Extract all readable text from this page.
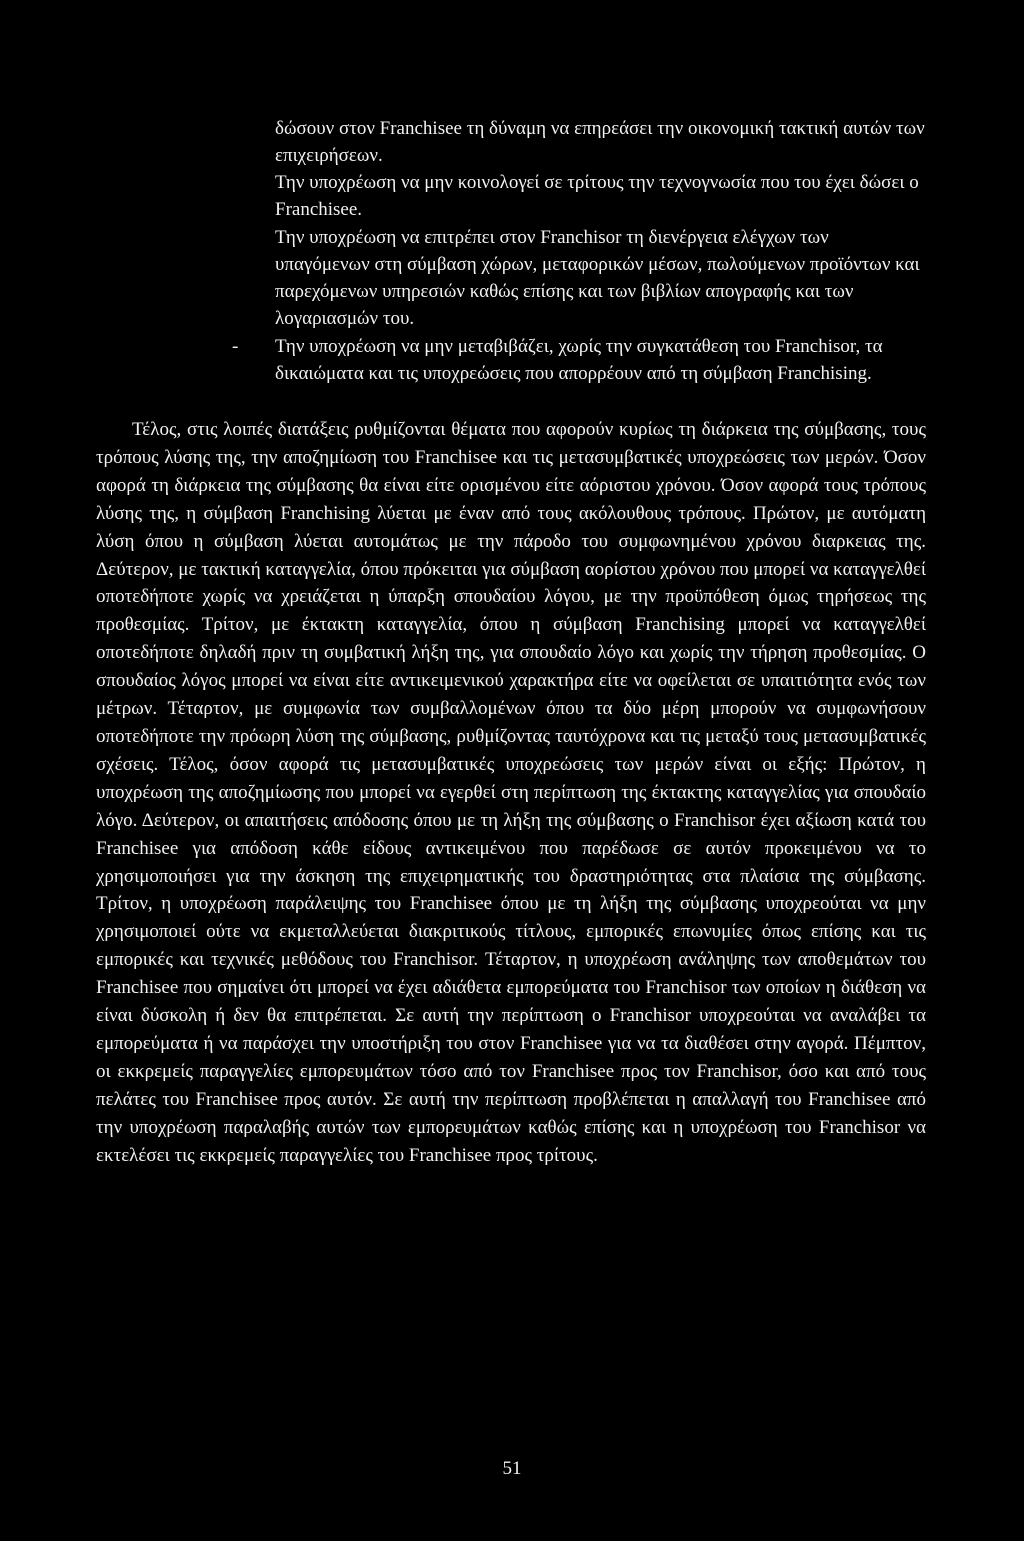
δώσουν στον Franchisee τη δύναμη να επηρεάσει την οικονομική τακτική αυτών των επιχειρήσεων.

Την υποχρέωση να μην κοινολογεί σε τρίτους την τεχνογνωσία που του έχει δώσει ο Franchisee.

Την υποχρέωση να επιτρέπει στον Franchisor τη διενέργεια ελέγχων των υπαγόμενων στη σύμβαση χώρων, μεταφορικών μέσων, πωλούμενων προϊόντων και παρεχόμενων υπηρεσιών καθώς επίσης και των βιβλίων απογραφής και των λογαριασμών του.

- Την υποχρέωση να μην μεταβιβάζει, χωρίς την συγκατάθεση του Franchisor, τα δικαιώματα και τις υποχρεώσεις που απορρέουν από τη σύμβαση Franchising.

Τέλος, στις λοιπές διατάξεις ρυθμίζονται θέματα που αφορούν κυρίως τη διάρκεια της σύμβασης, τους τρόπους λύσης της, την αποζημίωση του Franchisee και τις μετασυμβατικές υποχρεώσεις των μερών. Όσον αφορά τη διάρκεια της σύμβασης θα είναι είτε ορισμένου είτε αόριστου χρόνου. Όσον αφορά τους τρόπους λύσης της, η σύμβαση Franchising λύεται με έναν από τους ακόλουθους τρόπους. Πρώτον, με αυτόματη λύση όπου η σύμβαση λύεται αυτομάτως με την πάροδο του συμφωνημένου χρόνου διαρκειας της. Δεύτερον, με τακτική καταγγελία, όπου πρόκειται για σύμβαση αορίστου χρόνου που μπορεί να καταγγελθεί οποτεδήποτε χωρίς να χρειάζεται η ύπαρξη σπουδαίου λόγου, με την προϋπόθεση όμως τηρήσεως της προθεσμίας. Τρίτον, με έκτακτη καταγγελία, όπου η σύμβαση Franchising μπορεί να καταγγελθεί οποτεδήποτε δηλαδή πριν τη συμβατική λήξη της, για σπουδαίο λόγο και χωρίς την τήρηση προθεσμίας. Ο σπουδαίος λόγος μπορεί να είναι είτε αντικειμενικού χαρακτήρα είτε να οφείλεται σε υπαιτιότητα ενός των μέτρων. Τέταρτον, με συμφωνία των συμβαλλομένων όπου τα δύο μέρη μπορούν να συμφωνήσουν οποτεδήποτε την πρόωρη λύση της σύμβασης, ρυθμίζοντας ταυτόχρονα και τις μεταξύ τους μετασυμβατικές σχέσεις. Τέλος, όσον αφορά τις μετασυμβατικές υποχρεώσεις των μερών είναι οι εξής: Πρώτον, η υποχρέωση της αποζημίωσης που μπορεί να εγερθεί στη περίπτωση της έκτακτης καταγγελίας για σπουδαίο λόγο. Δεύτερον, οι απαιτήσεις απόδοσης όπου με τη λήξη της σύμβασης ο Franchisor έχει αξίωση κατά του Franchisee για απόδοση κάθε είδους αντικειμένου που παρέδωσε σε αυτόν προκειμένου να το χρησιμοποιήσει για την άσκηση της επιχειρηματικής του δραστηριότητας στα πλαίσια της σύμβασης. Τρίτον, η υποχρέωση παράλειψης του Franchisee όπου με τη λήξη της σύμβασης υποχρεούται να μην χρησιμοποιεί ούτε να εκμεταλλεύεται διακριτικούς τίτλους, εμπορικές επωνυμίες όπως επίσης και τις εμπορικές και τεχνικές μεθόδους του Franchisor. Τέταρτον, η υποχρέωση ανάληψης των αποθεμάτων του Franchisee που σημαίνει ότι μπορεί να έχει αδιάθετα εμπορεύματα του Franchisor των οποίων η διάθεση να είναι δύσκολη ή δεν θα επιτρέπεται. Σε αυτή την περίπτωση ο Franchisor υποχρεούται να αναλάβει τα εμπορεύματα ή να παράσχει την υποστήριξη του στον Franchisee για να τα διαθέσει στην αγορά. Πέμπτον, οι εκκρεμείς παραγγελίες εμπορευμάτων τόσο από τον Franchisee προς τον Franchisor, όσο και από τους πελάτες του Franchisee προς αυτόν. Σε αυτή την περίπτωση προβλέπεται η απαλλαγή του Franchisee από την υποχρέωση παραλαβής αυτών των εμπορευμάτων καθώς επίσης και η υποχρέωση του Franchisor να εκτελέσει τις εκκρεμείς παραγγελίες του Franchisee προς τρίτους.

51
